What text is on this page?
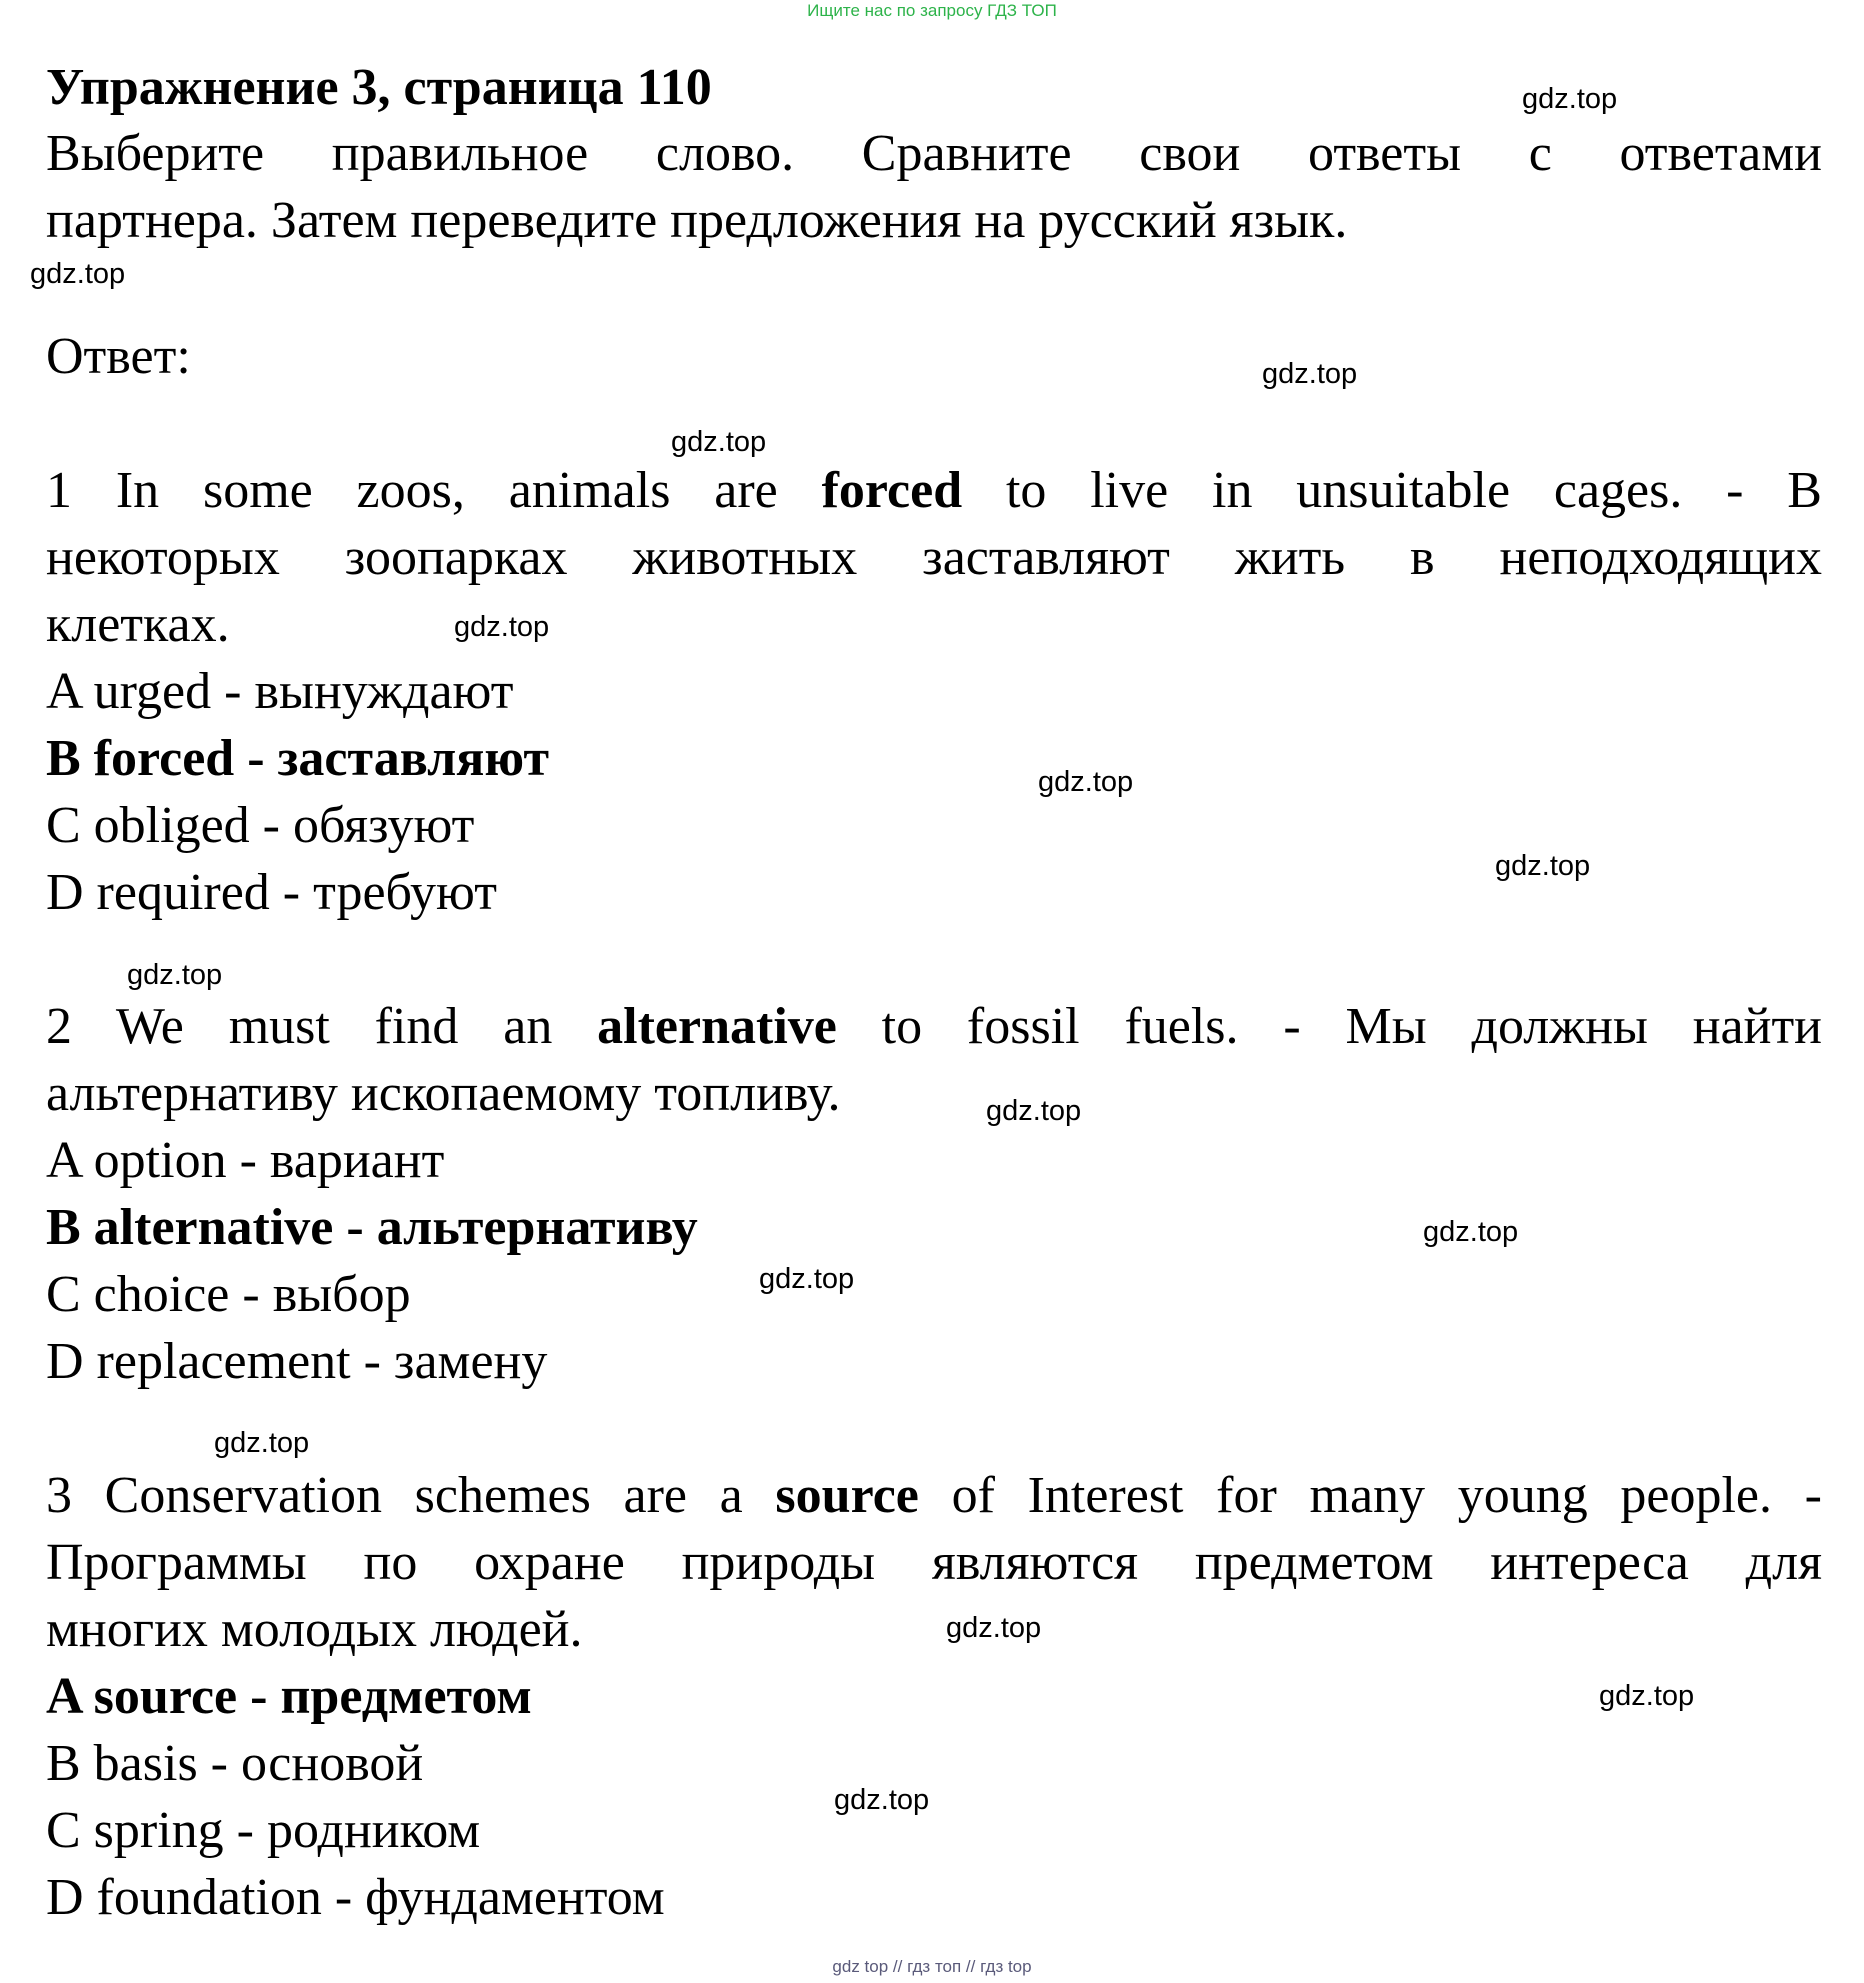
Ищите нас по запросу ГДЗ ТОП
Упражнение 3, страница 110
Выберите правильное слово. Сравните свои ответы с ответами
партнера. Затем переведите предложения на русский язык.
Ответ:
1 In some zoos, animals are forced to live in unsuitable cages. - В
некоторых зоопарках животных заставляют жить в неподходящих
клетках.
A urged - вынуждают
B forced - заставляют
C obliged - обязуют
D required - требуют
2 We must find an alternative to fossil fuels. - Мы должны найти
альтернативу ископаемому топливу.
A option - вариант
B alternative - альтернативу
C choice - выбор
D replacement - замену
3 Conservation schemes are a source of Interest for many young people. -
Программы по охране природы являются предметом интереса для
многих молодых людей.
A source - предметом
B basis - основой
C spring - родником
D foundation - фундаментом
gdz.top
gdz.top
gdz.top
gdz.top
gdz.top
gdz.top
gdz.top
gdz.top
gdz.top
gdz.top
gdz.top
gdz.top
gdz.top
gdz.top
gdz.top
gdz top // гдз топ // гдз top
